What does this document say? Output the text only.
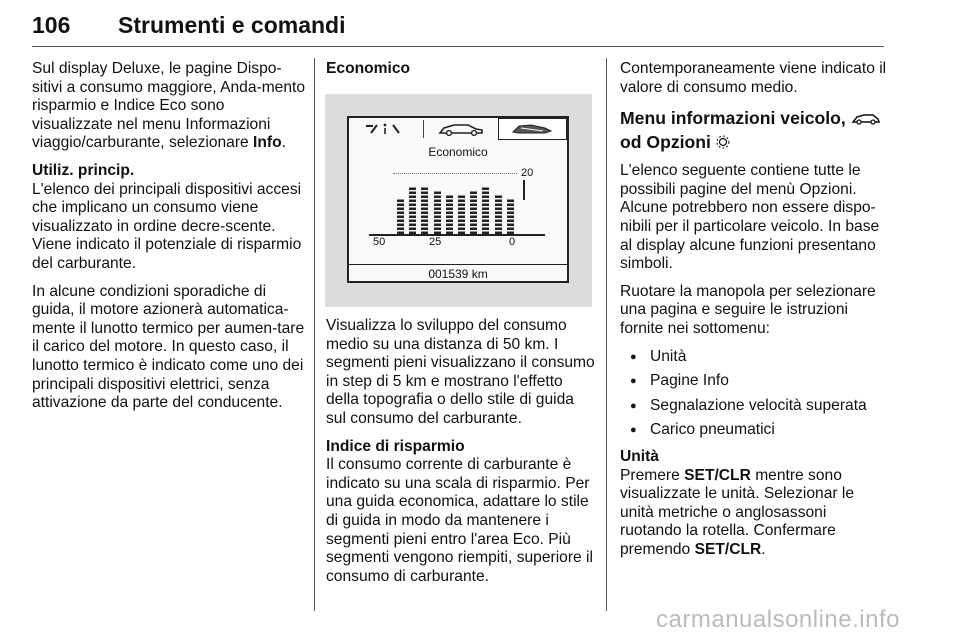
106 Strumenti e comandi

Sul display Deluxe, le pagine Dispo-sitivi a consumo maggiore, Anda-mento risparmio e Indice Eco sono visualizzate nel menu Informazioni viaggio/carburante, selezionare Info.

Utiliz. princip.

L'elenco dei principali dispositivi accesi che implicano un consumo viene visualizzato in ordine decre-scente. Viene indicato il potenziale di risparmio del carburante.

In alcune condizioni sporadiche di guida, il motore azionerà automatica-mente il lunotto termico per aumen-tare il carico del motore. In questo caso, il lunotto termico è indicato come uno dei principali dispositivi elettrici, senza attivazione da parte del conducente.

Economico
Economico
20
50	25	0
001539 km

Visualizza lo sviluppo del consumo medio su una distanza di 50 km. I segmenti pieni visualizzano il consumo in step di 5 km e mostrano l'effetto della topografia o dello stile di guida sul consumo del carburante.

Indice di risparmio

Il consumo corrente di carburante è indicato su una scala di risparmio. Per una guida economica, adattare lo stile di guida in modo da mantenere i segmenti pieni entro l'area Eco. Più segmenti vengono riempiti, superiore il consumo di carburante.

Contemporaneamente viene indicato il valore di consumo medio.

Menu informazioni veicolo,
od Opzioni

L'elenco seguente contiene tutte le possibili pagine del menù Opzioni. Alcune potrebbero non essere dispo-nibili per il particolare veicolo. In base al display alcune funzioni presentano simboli.

Ruotare la manopola per selezionare una pagina e seguire le istruzioni fornite nei sottomenu:

● Unità
● Pagine Info
● Segnalazione velocità superata
● Carico pneumatici
Unità

Premere SET/CLR mentre sono visualizzate le unità. Selezionar le unità metriche o anglosassoni ruotando la rotella. Confermare premendo SET/CLR.

carmanualsonline.info
